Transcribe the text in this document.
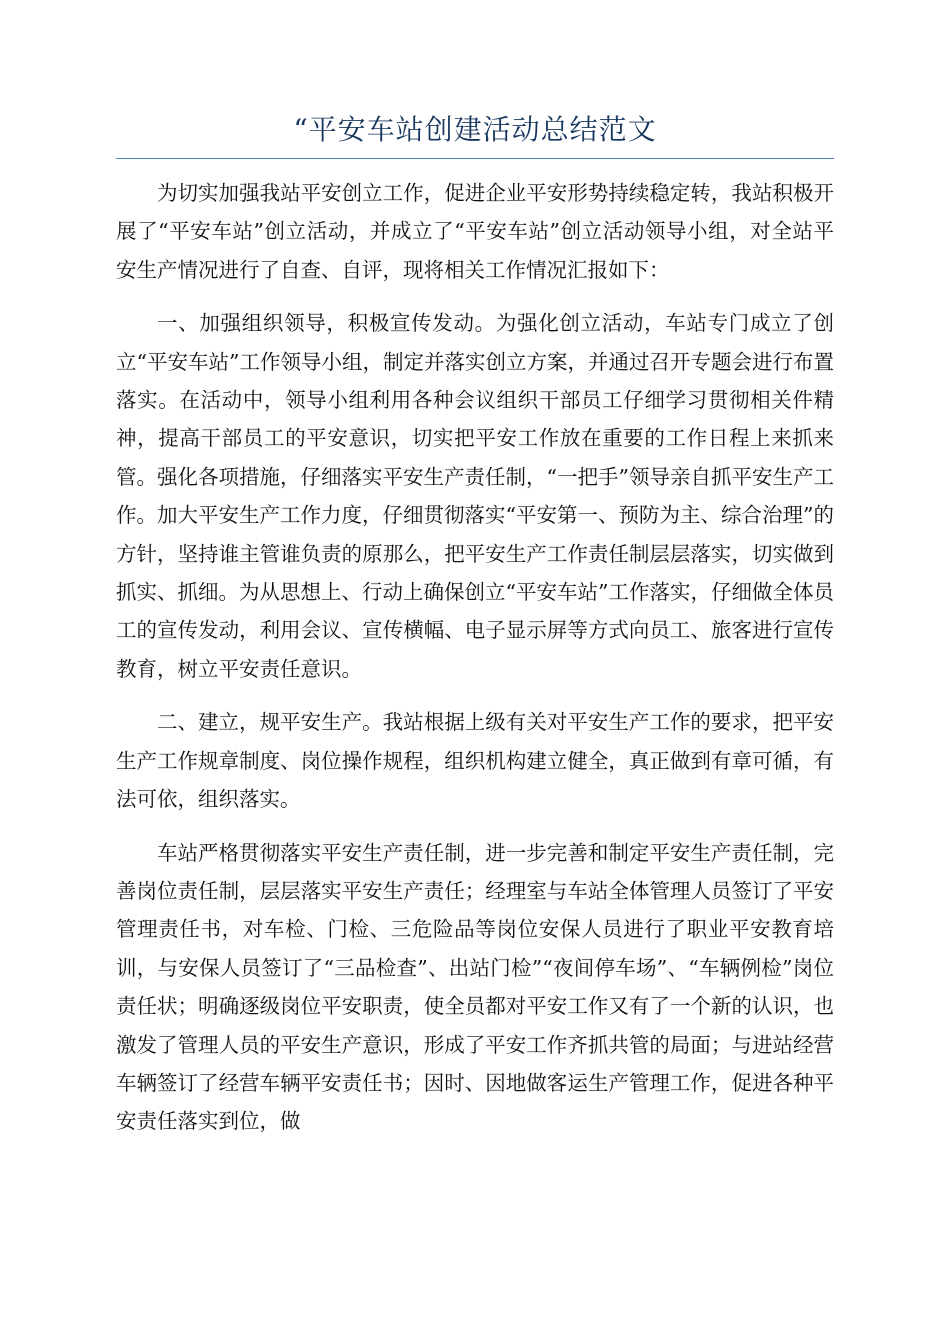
“平安车站创建活动总结范文

为切实加强我站平安创立工作，促进企业平安形势持续稳定转，我站积极开展了“平安车站”创立活动，并成立了“平安车站”创立活动领导小组，对全站平安生产情况进行了自查、自评，现将相关工作情况汇报如下：

一、加强组织领导，积极宣传发动。为强化创立活动，车站专门成立了创立“平安车站”工作领导小组，制定并落实创立方案，并通过召开专题会进行布置落实。在活动中，领导小组利用各种会议组织干部员工仔细学习贯彻相关件精神，提高干部员工的平安意识，切实把平安工作放在重要的工作日程上来抓来管。强化各项措施，仔细落实平安生产责任制，“一把手”领导亲自抓平安生产工作。加大平安生产工作力度，仔细贯彻落实“平安第一、预防为主、综合治理”的方针，坚持谁主管谁负责的原那么，把平安生产工作责任制层层落实，切实做到抓实、抓细。为从思想上、行动上确保创立“平安车站”工作落实，仔细做全体员工的宣传发动，利用会议、宣传横幅、电子显示屏等方式向员工、旅客进行宣传教育，树立平安责任意识。

二、建立，规平安生产。我站根据上级有关对平安生产工作的要求，把平安生产工作规章制度、岗位操作规程，组织机构建立健全，真正做到有章可循，有法可依，组织落实。

车站严格贯彻落实平安生产责任制，进一步完善和制定平安生产责任制，完善岗位责任制，层层落实平安生产责任；经理室与车站全体管理人员签订了平安管理责任书，对车检、门检、三危险品等岗位安保人员进行了职业平安教育培训，与安保人员签订了“三品检查”、出站门检”“夜间停车场”、“车辆例检”岗位责任状；明确逐级岗位平安职责，使全员都对平安工作又有了一个新的认识，也激发了管理人员的平安生产意识，形成了平安工作齐抓共管的局面；与进站经营车辆签订了经营车辆平安责任书；因时、因地做客运生产管理工作，促进各种平安责任落实到位，做
